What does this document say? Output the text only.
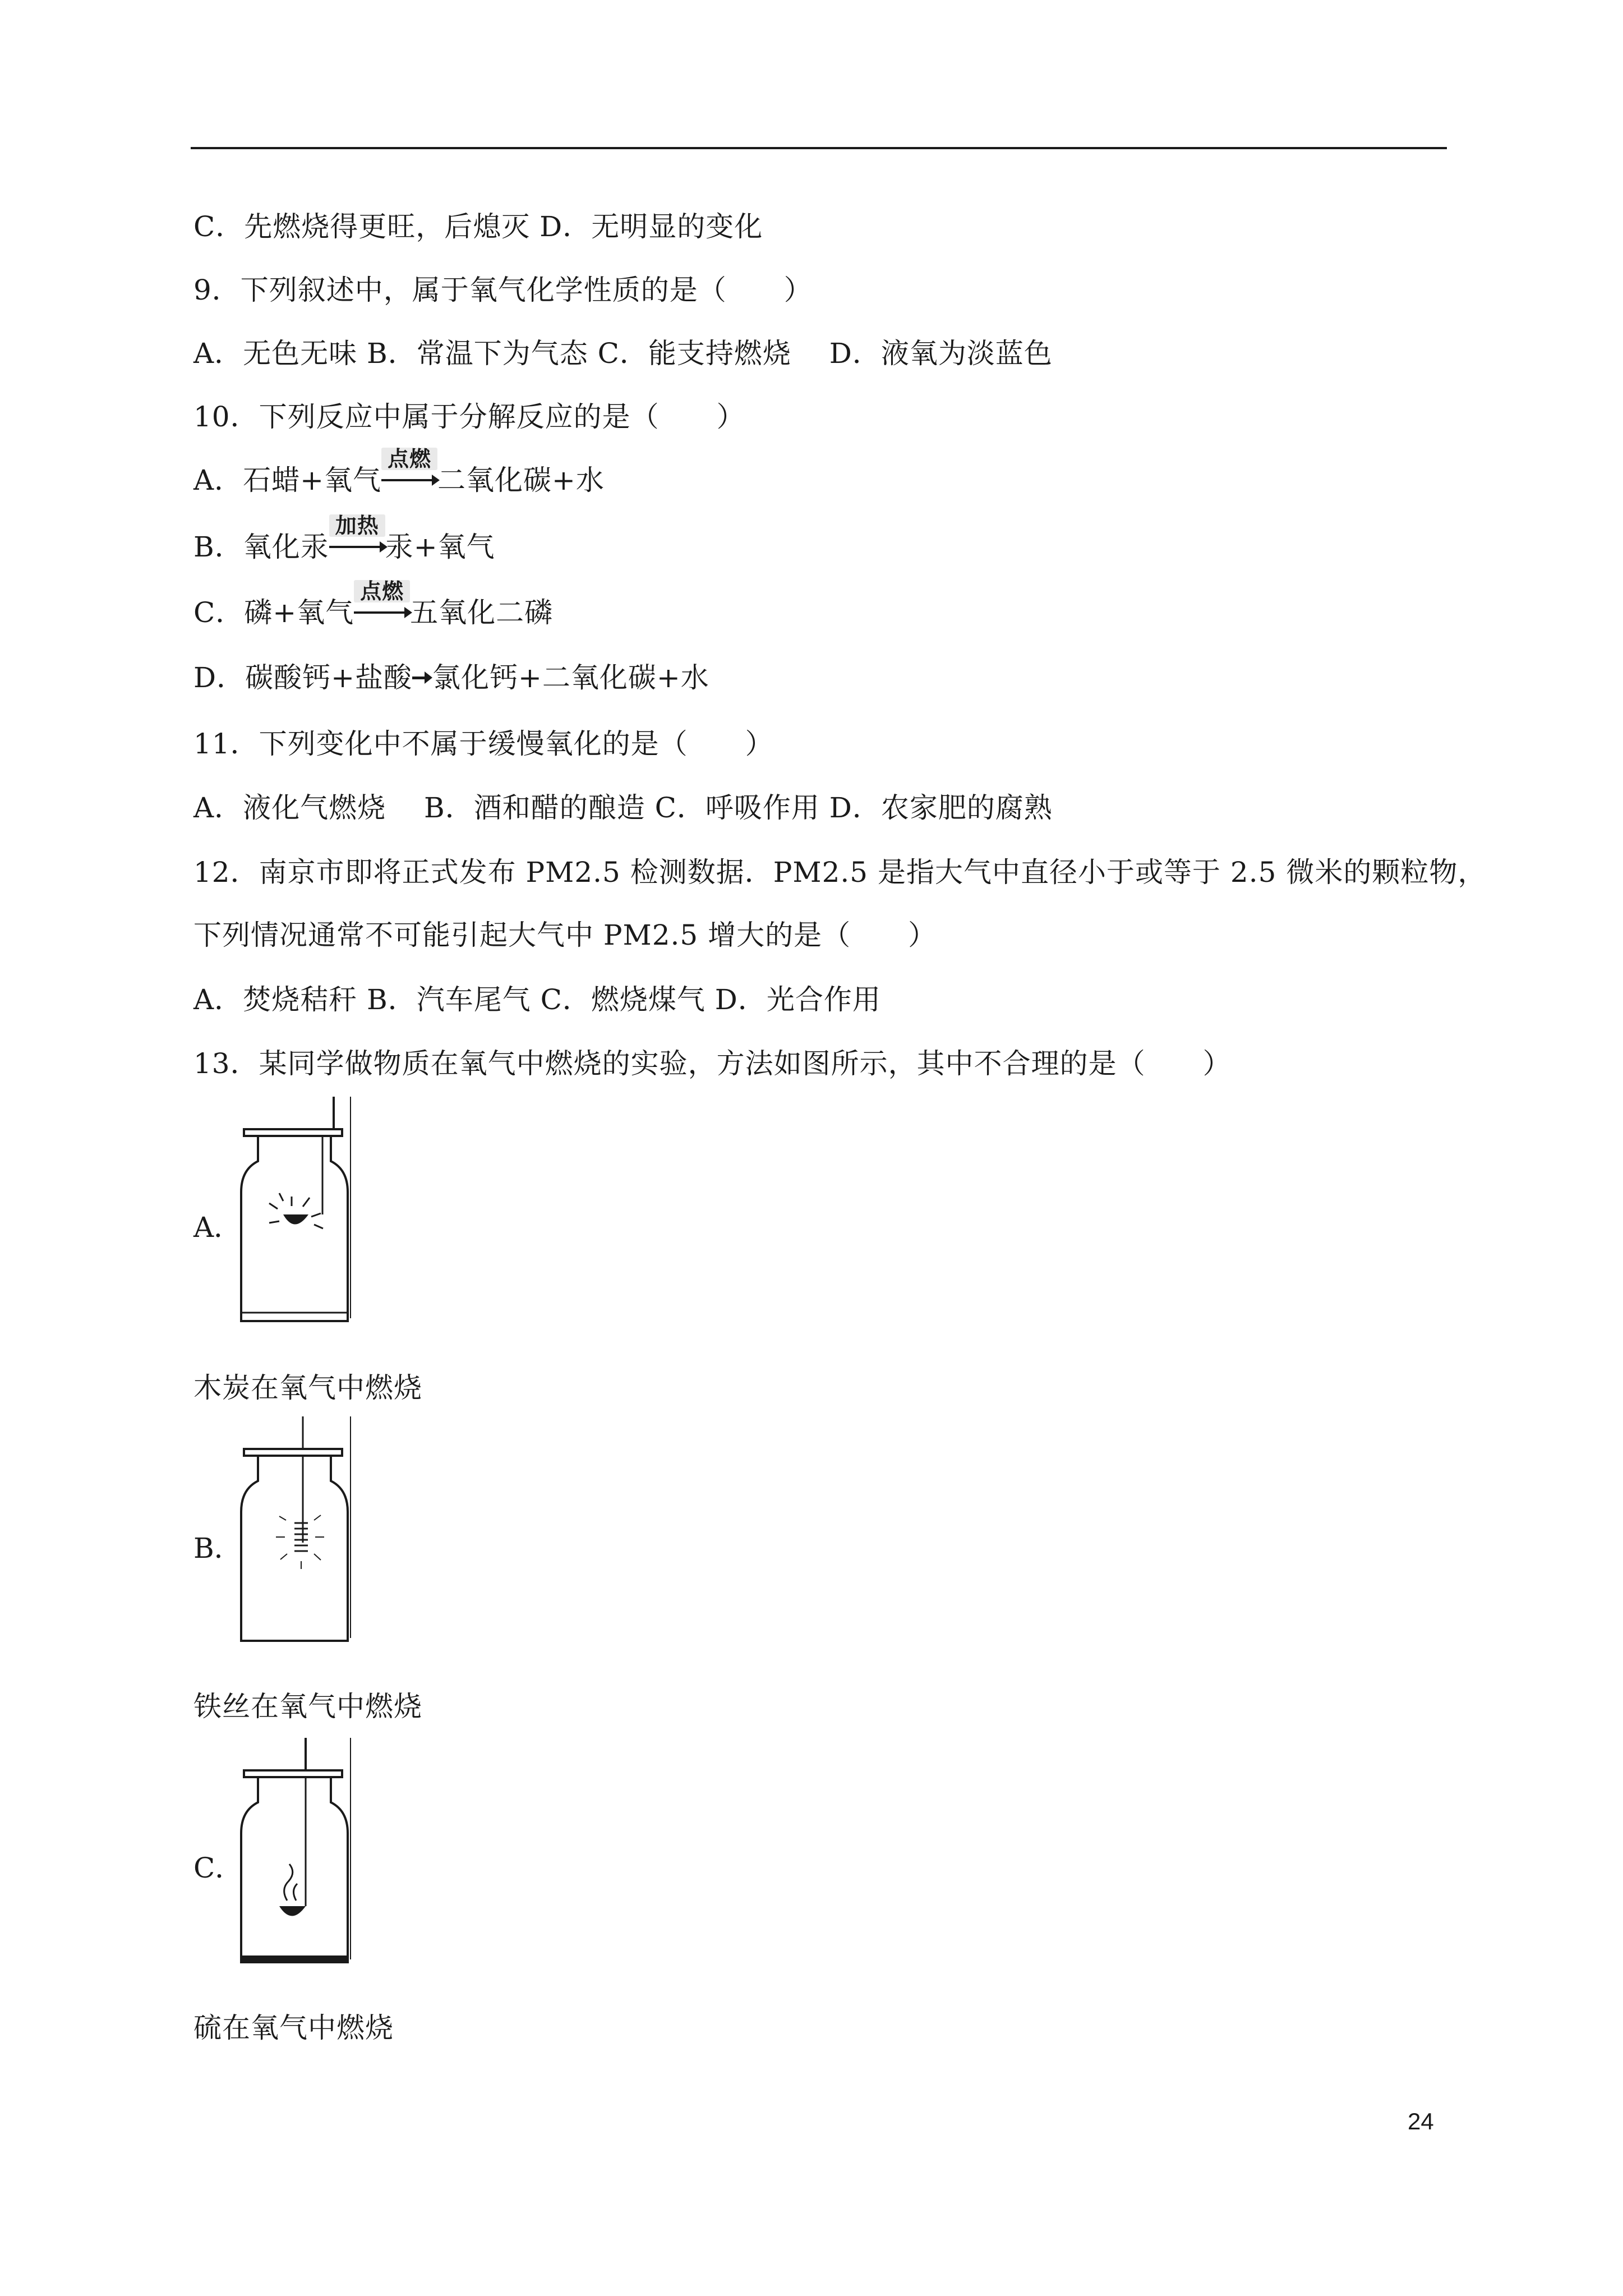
C．先燃烧得更旺，后熄灭 D．无明显的变化
9．下列叙述中，属于氧气化学性质的是（　　）
A．无色无味 B．常温下为气态 C．能支持燃烧　 D．液氧为淡蓝色
10．下列反应中属于分解反应的是（　　）
A．石蜡+氧气
点燃
二氧化碳+水
B．氧化汞
加热
汞+氧气
C．磷+氧气
点燃
五氧化二磷
D．碳酸钙+盐酸 氯化钙+二氧化碳+水
11．下列变化中不属于缓慢氧化的是（　　）
A．液化气燃烧　 B．酒和醋的酿造 C．呼吸作用 D．农家肥的腐熟
12．南京市即将正式发布 PM2.5 检测数据．PM2.5 是指大气中直径小于或等于 2.5 微米的颗粒物，
下列情况通常不可能引起大气中 PM2.5 增大的是（　　）
A．焚烧秸秆 B．汽车尾气 C．燃烧煤气 D．光合作用
13．某同学做物质在氧气中燃烧的实验，方法如图所示，其中不合理的是（　　）
A．
木炭在氧气中燃烧
B．
铁丝在氧气中燃烧
C．
硫在氧气中燃烧
24
